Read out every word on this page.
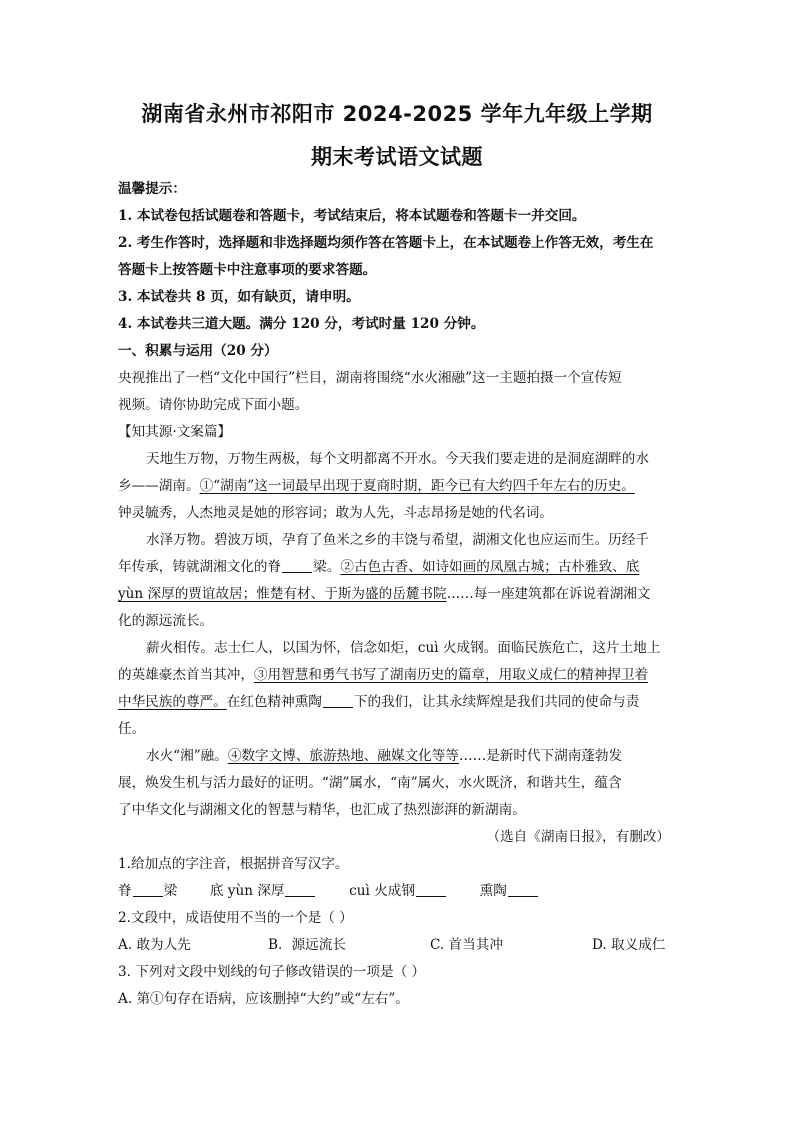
湖南省永州市祁阳市 2024-2025 学年九年级上学期
期末考试语文试题
温馨提示：
1. 本试卷包括试题卷和答题卡，考试结束后，将本试题卷和答题卡一并交回。
2. 考生作答时，选择题和非选择题均须作答在答题卡上，在本试题卷上作答无效，考生在
答题卡上按答题卡中注意事项的要求答题。
3. 本试卷共 8 页，如有缺页，请申明。
4. 本试卷共三道大题。满分 120 分，考试时量 120 分钟。
一、积累与运用（20 分）
央视推出了一档“文化中国行”栏目，湖南将围绕“水火湘融”这一主题拍摄一个宣传短
视频。请你协助完成下面小题。
【知其源·文案篇】
天地生万物，万物生两极，每个文明都离不开水。今天我们要走进的是洞庭湖畔的水
乡——湖南。①“湖南”这一词最早出现于夏商时期，距今已有大约四千年左右的历史。
钟灵毓秀，人杰地灵是她的形容词；敢为人先，斗志昂扬是她的代名词。
水泽万物。碧波万顷，孕育了鱼米之乡的丰饶与希望，湖湘文化也应运而生。历经千
年传承，铸就湖湘文化的脊 梁。②古色古香、如诗如画的凤凰古城；古朴雅致、底
yùn 深厚的贾谊故居；惟楚有材、于斯为盛的岳麓书院……每一座建筑都在诉说着湖湘文
化的源远流长。
薪火相传。志士仁人，以国为怀，信念如炬，cuì 火成钢。面临民族危亡，这片土地上
的英雄豪杰首当其冲，③用智慧和勇气书写了湖南历史的篇章，用取义成仁的精神捍卫着
中华民族的尊严。在红色精神熏陶 下的我们，让其永续辉煌是我们共同的使命与责
任。
水火“湘”融。④数字文博、旅游热地、融媒文化等等……是新时代下湖南蓬勃发
展，焕发生机与活力最好的证明。“湖”属水，“南”属火，水火既济，和谐共生，蕴含
了中华文化与湖湘文化的智慧与精华，也汇成了热烈澎湃的新湖南。
（选自《湖南日报》，有删改）
1.给加点的字注音，根据拼音写汉字。
脊 梁 底 yùn 深厚	cuì 火成钢	熏陶
2.文段中，成语使用不当的一个是（ ）
A. 敢为人先	B．源远流长	C. 首当其冲	D. 取义成仁
3. 下列对文段中划线的句子修改错误的一项是（ ）
A. 第①句存在语病，应该删掉“大约”或“左右”。
